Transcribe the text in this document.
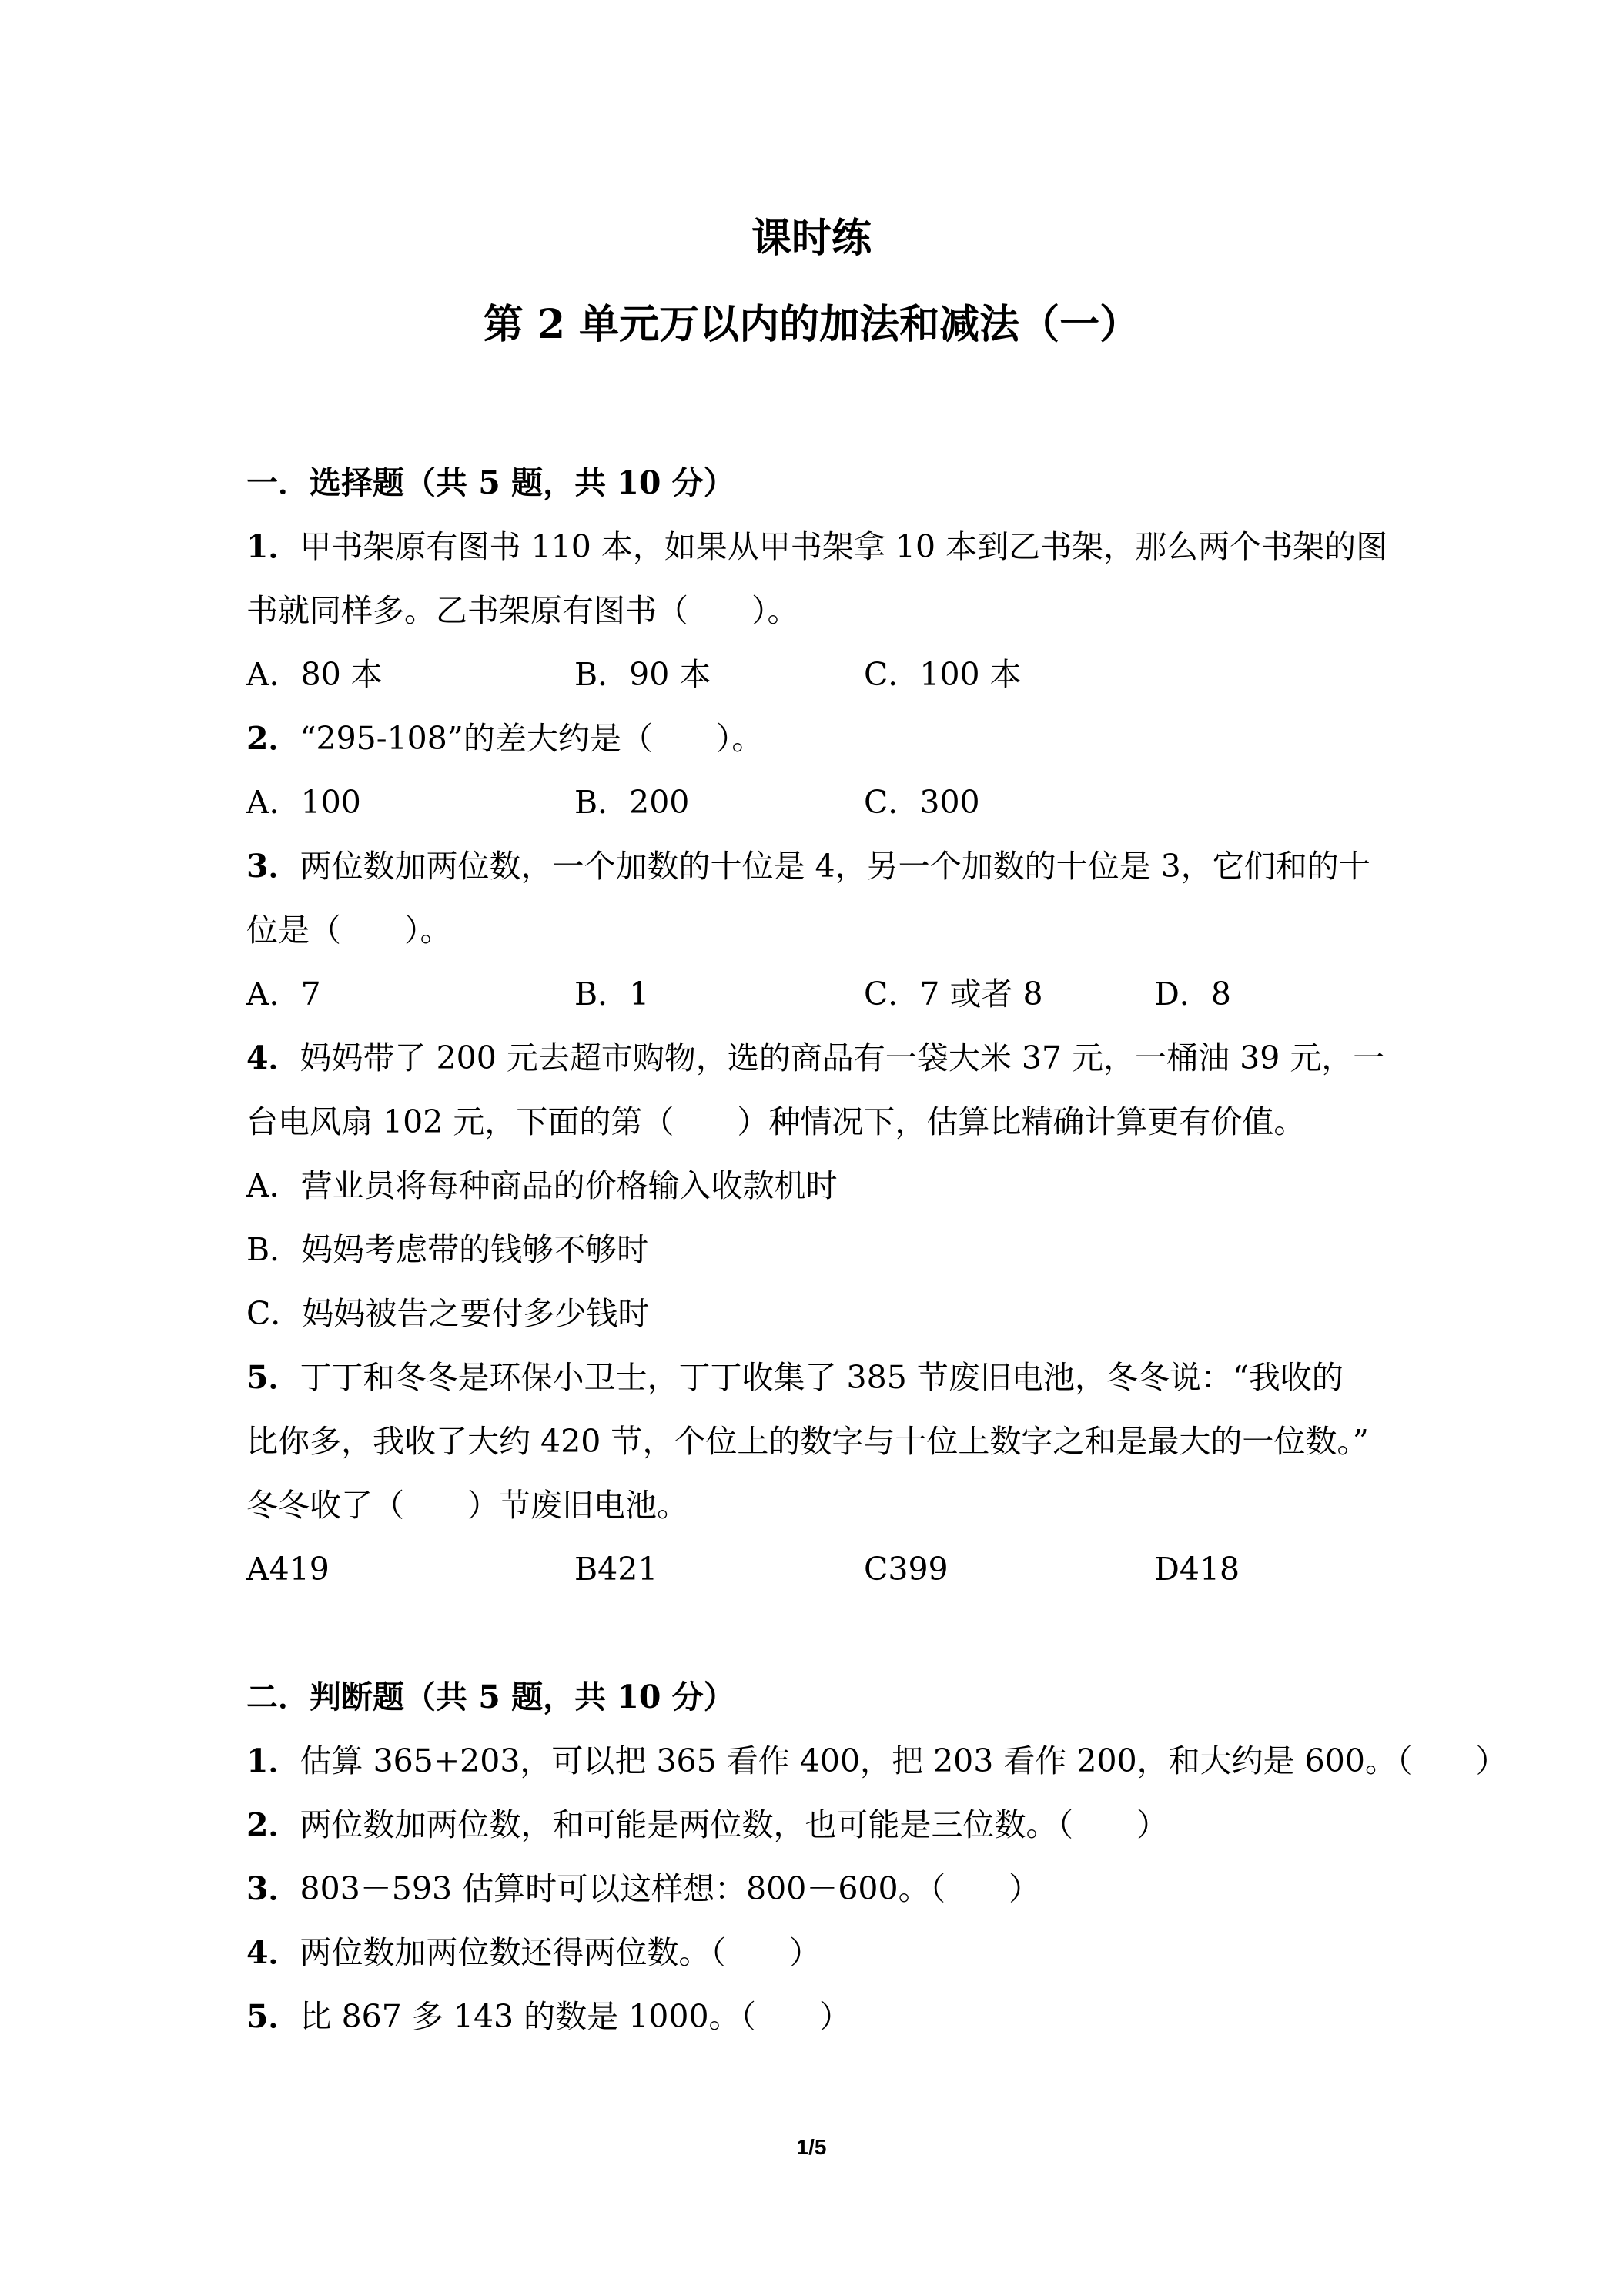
课时练
第 2 单元万以内的加法和减法（一）
一．选择题（共 5 题，共 10 分）
1．甲书架原有图书 110 本，如果从甲书架拿 10 本到乙书架，那么两个书架的图
书就同样多。乙书架原有图书（　　）。
A．80 本	B．90 本	C．100 本
2．“295-108”的差大约是（　　）。
A．100	B．200	C．300
3．两位数加两位数，一个加数的十位是 4，另一个加数的十位是 3，它们和的十
位是（　　）。
A．7	B．1	C．7 或者 8	D．8
4．妈妈带了 200 元去超市购物，选的商品有一袋大米 37 元，一桶油 39 元，一
台电风扇 102 元，下面的第（　　）种情况下，估算比精确计算更有价值。
A．营业员将每种商品的价格输入收款机时
B．妈妈考虑带的钱够不够时
C．妈妈被告之要付多少钱时
5．丁丁和冬冬是环保小卫士，丁丁收集了 385 节废旧电池，冬冬说：“我收的
比你多，我收了大约 420 节，个位上的数字与十位上数字之和是最大的一位数。”
冬冬收了（　　）节废旧电池。
A419	B421	C399	D418
二．判断题（共 5 题，共 10 分）
1．估算 365+203，可以把 365 看作 400，把 203 看作 200，和大约是 600。（　　）
2．两位数加两位数，和可能是两位数，也可能是三位数。（　　）
3．803－593 估算时可以这样想：800－600。（　　）
4．两位数加两位数还得两位数。（　　）
5．比 867 多 143 的数是 1000。（　　）
1/5
